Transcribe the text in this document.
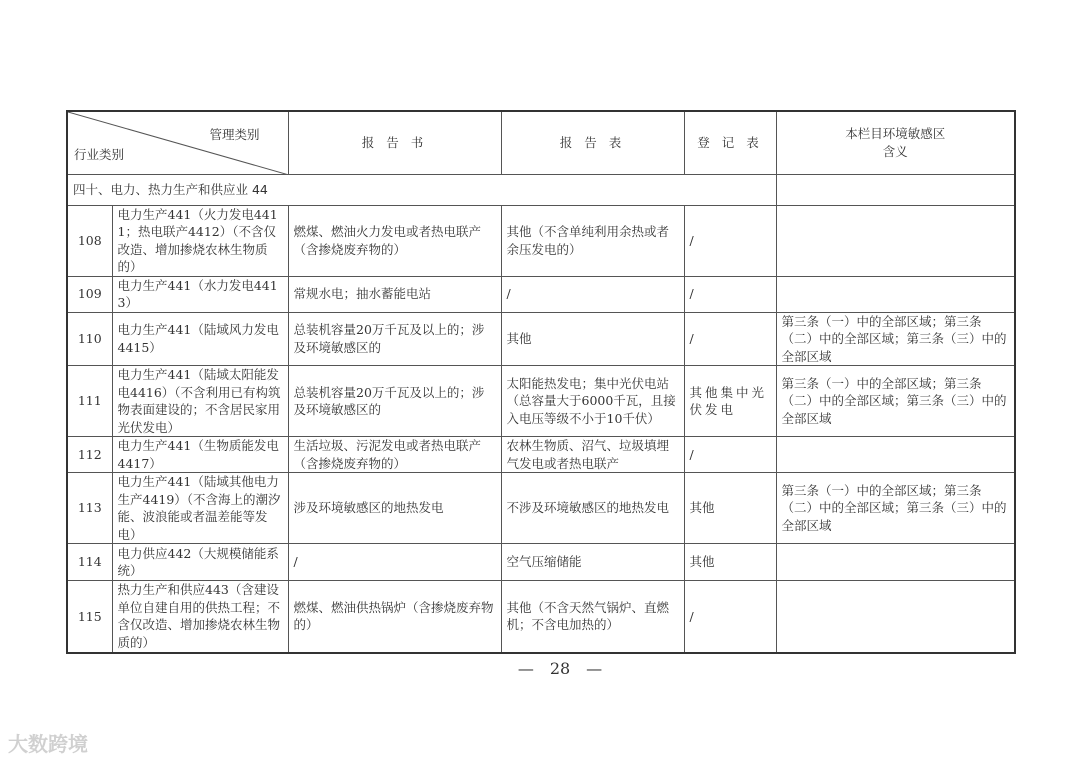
管理类别
行业类别		报 告 书	报 告 表	登 记 表	本栏目环境敏感区
含义
四十、电力、热力生产和供应业 44					
108	电力生产441（火力发电4411；热电联产4412）（不含仅改造、增加掺烧农林生物质的）	燃煤、燃油火力发电或者热电联产（含掺烧废弃物的）	其他（不含单纯利用余热或者余压发电的）	/	
109	电力生产441（水力发电4413）	常规水电；抽水蓄能电站	/	/	
110	电力生产441（陆域风力发电4415）	总装机容量20万千瓦及以上的；涉及环境敏感区的	其他	/	第三条（一）中的全部区域；第三条（二）中的全部区域；第三条（三）中的全部区域
111	电力生产441（陆域太阳能发电4416）（不含利用已有构筑物表面建设的；不含居民家用光伏发电）	总装机容量20万千瓦及以上的；涉及环境敏感区的	太阳能热发电；集中光伏电站（总容量大于6000千瓦，且接入电压等级不小于10千伏）	其他集中光伏发电	第三条（一）中的全部区域；第三条（二）中的全部区域；第三条（三）中的全部区域
112	电力生产441（生物质能发电4417）	生活垃圾、污泥发电或者热电联产（含掺烧废弃物的）	农林生物质、沼气、垃圾填埋气发电或者热电联产	/	
113	电力生产441（陆域其他电力生产4419）（不含海上的潮汐能、波浪能或者温差能等发电）	涉及环境敏感区的地热发电	不涉及环境敏感区的地热发电	其他	第三条（一）中的全部区域；第三条（二）中的全部区域；第三条（三）中的全部区域
114	电力供应442（大规模储能系统）	/	空气压缩储能	其他	
115	热力生产和供应443（含建设单位自建自用的供热工程；不含仅改造、增加掺烧农林生物质的）	燃煤、燃油供热锅炉（含掺烧废弃物的）	其他（不含天然气锅炉、直燃机；不含电加热的）	/	
—　28　—
大数跨境
